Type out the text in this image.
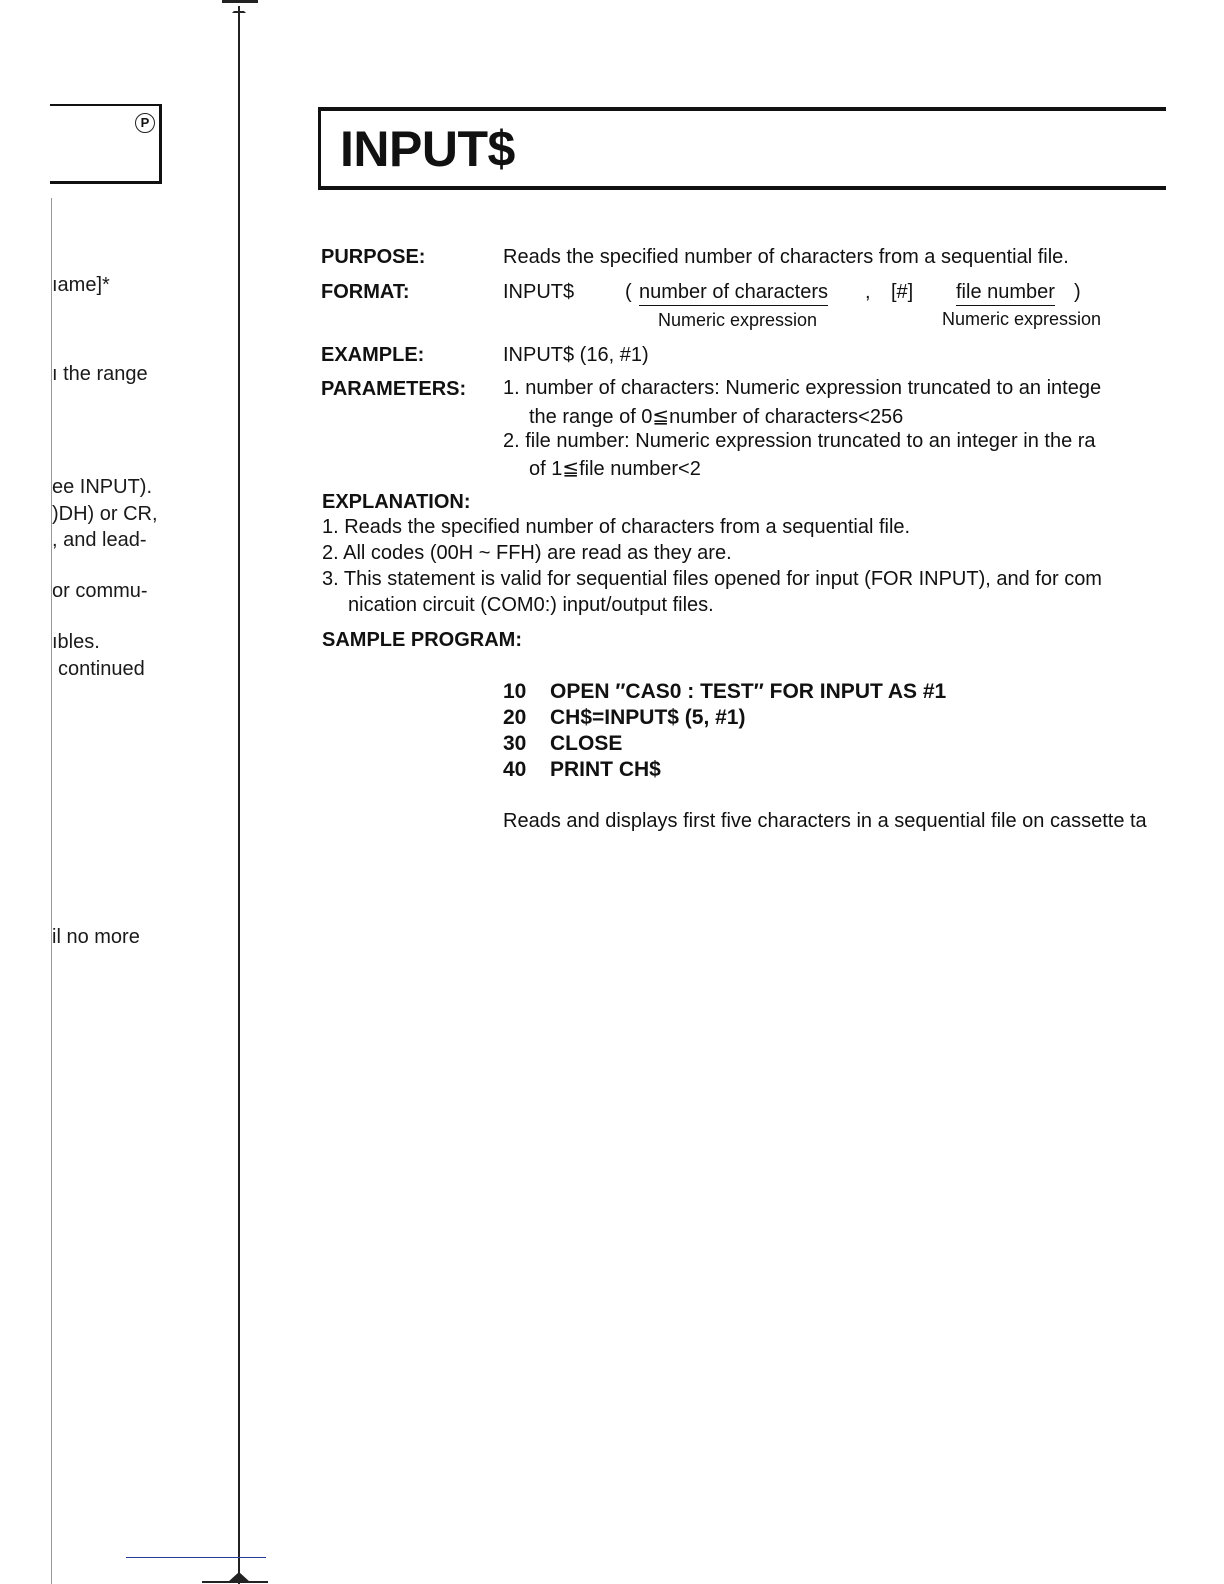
P
ıame]*
ı the range
ee INPUT).
)DH) or CR,
, and lead-
or commu-
ıbles.
continued
il no more
INPUT$
PURPOSE:	Reads the specified number of characters from a sequential file.
FORMAT:	INPUT$	( number of characters , [#] file number )
Numeric expression	Numeric expression
EXAMPLE:	INPUT$ (16, #1)
PARAMETERS: 1. number of characters: Numeric expression truncated to an intege
the range of 0≦number of characters<256
2. file number: Numeric expression truncated to an integer in the ra
of 1≦file number<2
EXPLANATION:
1. Reads the specified number of characters from a sequential file.
2. All codes (00H ~ FFH) are read as they are.
3. This statement is valid for sequential files opened for input (FOR INPUT), and for com
nication circuit (COM0:) input/output files.
SAMPLE PROGRAM:
10	OPEN ″CAS0 : TEST″ FOR INPUT AS #1
20	CH$=INPUT$ (5, #1)
30	CLOSE
40	PRINT CH$
Reads and displays first five characters in a sequential file on cassette ta
